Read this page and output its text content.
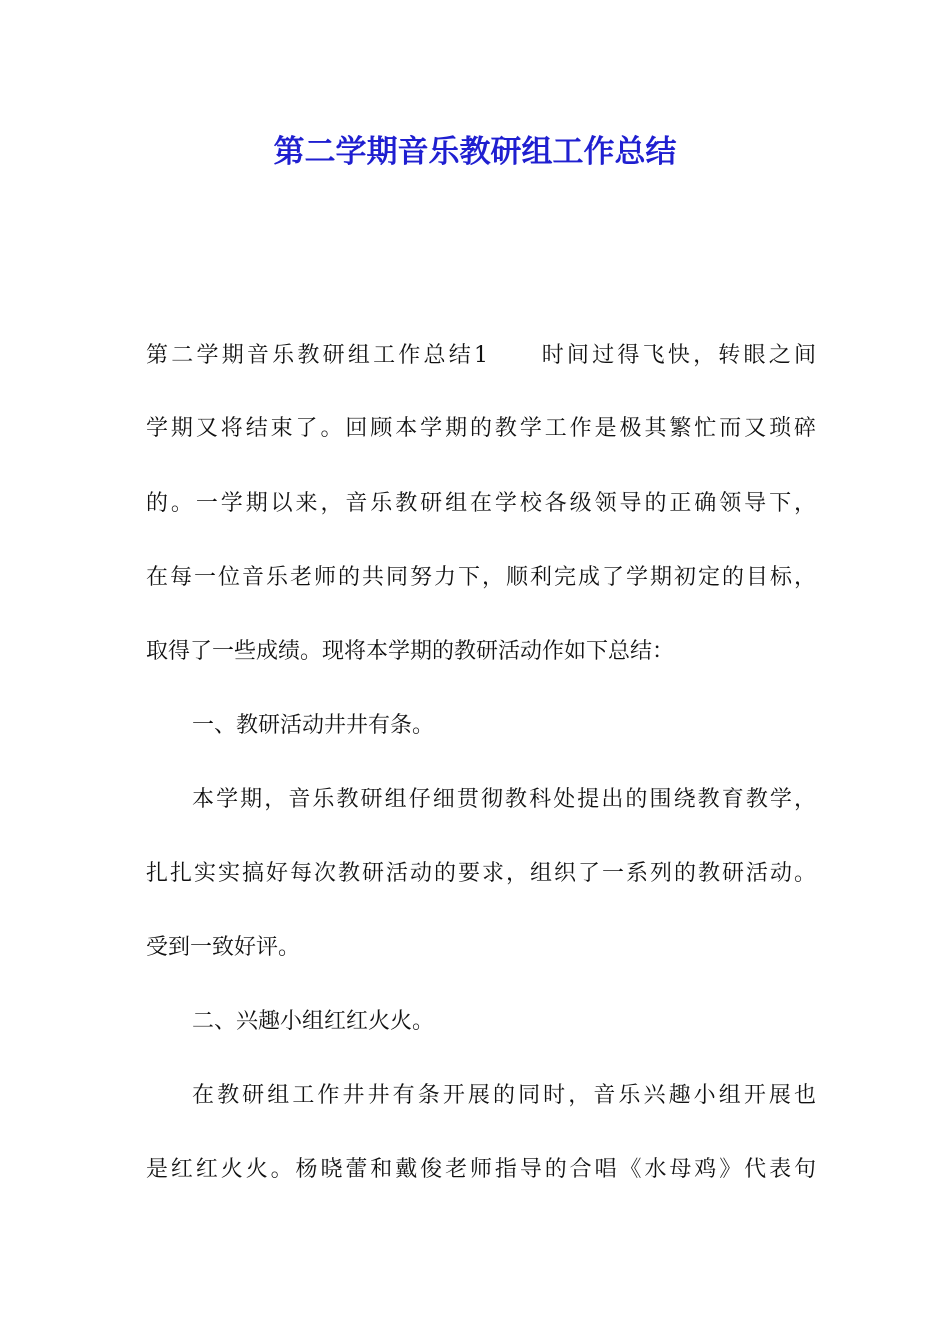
第二学期音乐教研组工作总结

第二学期音乐教研组工作总结1　　时间过得飞快，转眼之间

学期又将结束了。回顾本学期的教学工作是极其繁忙而又琐碎

的。一学期以来，音乐教研组在学校各级领导的正确领导下，

在每一位音乐老师的共同努力下，顺利完成了学期初定的目标，

取得了一些成绩。现将本学期的教研活动作如下总结：

一、教研活动井井有条。

本学期，音乐教研组仔细贯彻教科处提出的围绕教育教学，

扎扎实实搞好每次教研活动的要求，组织了一系列的教研活动。

受到一致好评。

二、兴趣小组红红火火。

在教研组工作井井有条开展的同时，音乐兴趣小组开展也

是红红火火。杨晓蕾和戴俊老师指导的合唱《水母鸡》代表句
